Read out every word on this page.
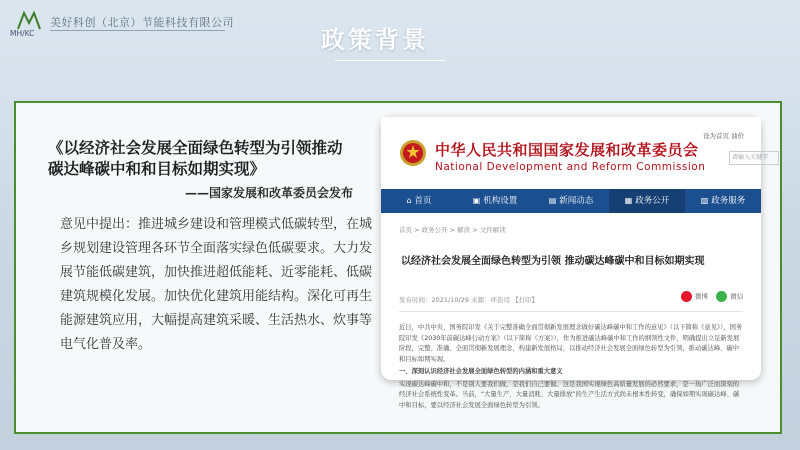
美好科创（北京）节能科技有限公司
MH/KC	政策背景
《以经济社会发展全面绿色转型为引领推动碳达峰碳中和和目标如期实现》
——国家发展和改革委员会发布

意见中提出：推进城乡建设和管理模式低碳转型，在城乡规划建设管理各环节全面落实绿色低碳要求。大力发展节能低碳建筑，加快推进超低能耗、近零能耗、低碳建筑规模化发展。加快优化建筑用能结构。深化可再生能源建筑应用，大幅提高建筑采暖、生活热水、炊事等电气化普及率。

中华人民共和国国家发展和改革委员会
National Development and Reform Commission
设为首页 油价
请输入关键字
⌂ 首页	▣ 机构设置	▤ 新闻动态	▦ 政务公开	▧ 政务服务
首页 > 政务公开 > 解读 > 文件解读
以经济社会发展全面绿色转型为引领 推动碳达峰碳中和目标如期实现
发布时间：2021/10/29 来源：环资司 【打印】	微博	微信

近日，中共中央、国务院印发《关于完整准确全面贯彻新发展理念做好碳达峰碳中和工作的意见》（以下简称《意见》），国务院印发《2030年前碳达峰行动方案》（以下简称《方案》），作为推进碳达峰碳中和工作的纲领性文件，明确提出立足新发展阶段，完整、准确、全面贯彻新发展理念，构建新发展格局，以推动经济社会发展全面绿色转型为引领，推动碳达峰、碳中和目标如期实现。

一、深刻认识经济社会发展全面绿色转型的内涵和重大意义

实现碳达峰碳中和，不是别人要我们做，是我们自己要做。这是我国实现绿色高质量发展的必然要求，是一场广泛而深刻的经济社会系统性变革。当前，“大量生产、大量消耗、大量排放”的生产生活方式尚未根本性转变，确保如期实现碳达峰、碳中和目标，要以经济社会发展全面绿色转型为引领。
